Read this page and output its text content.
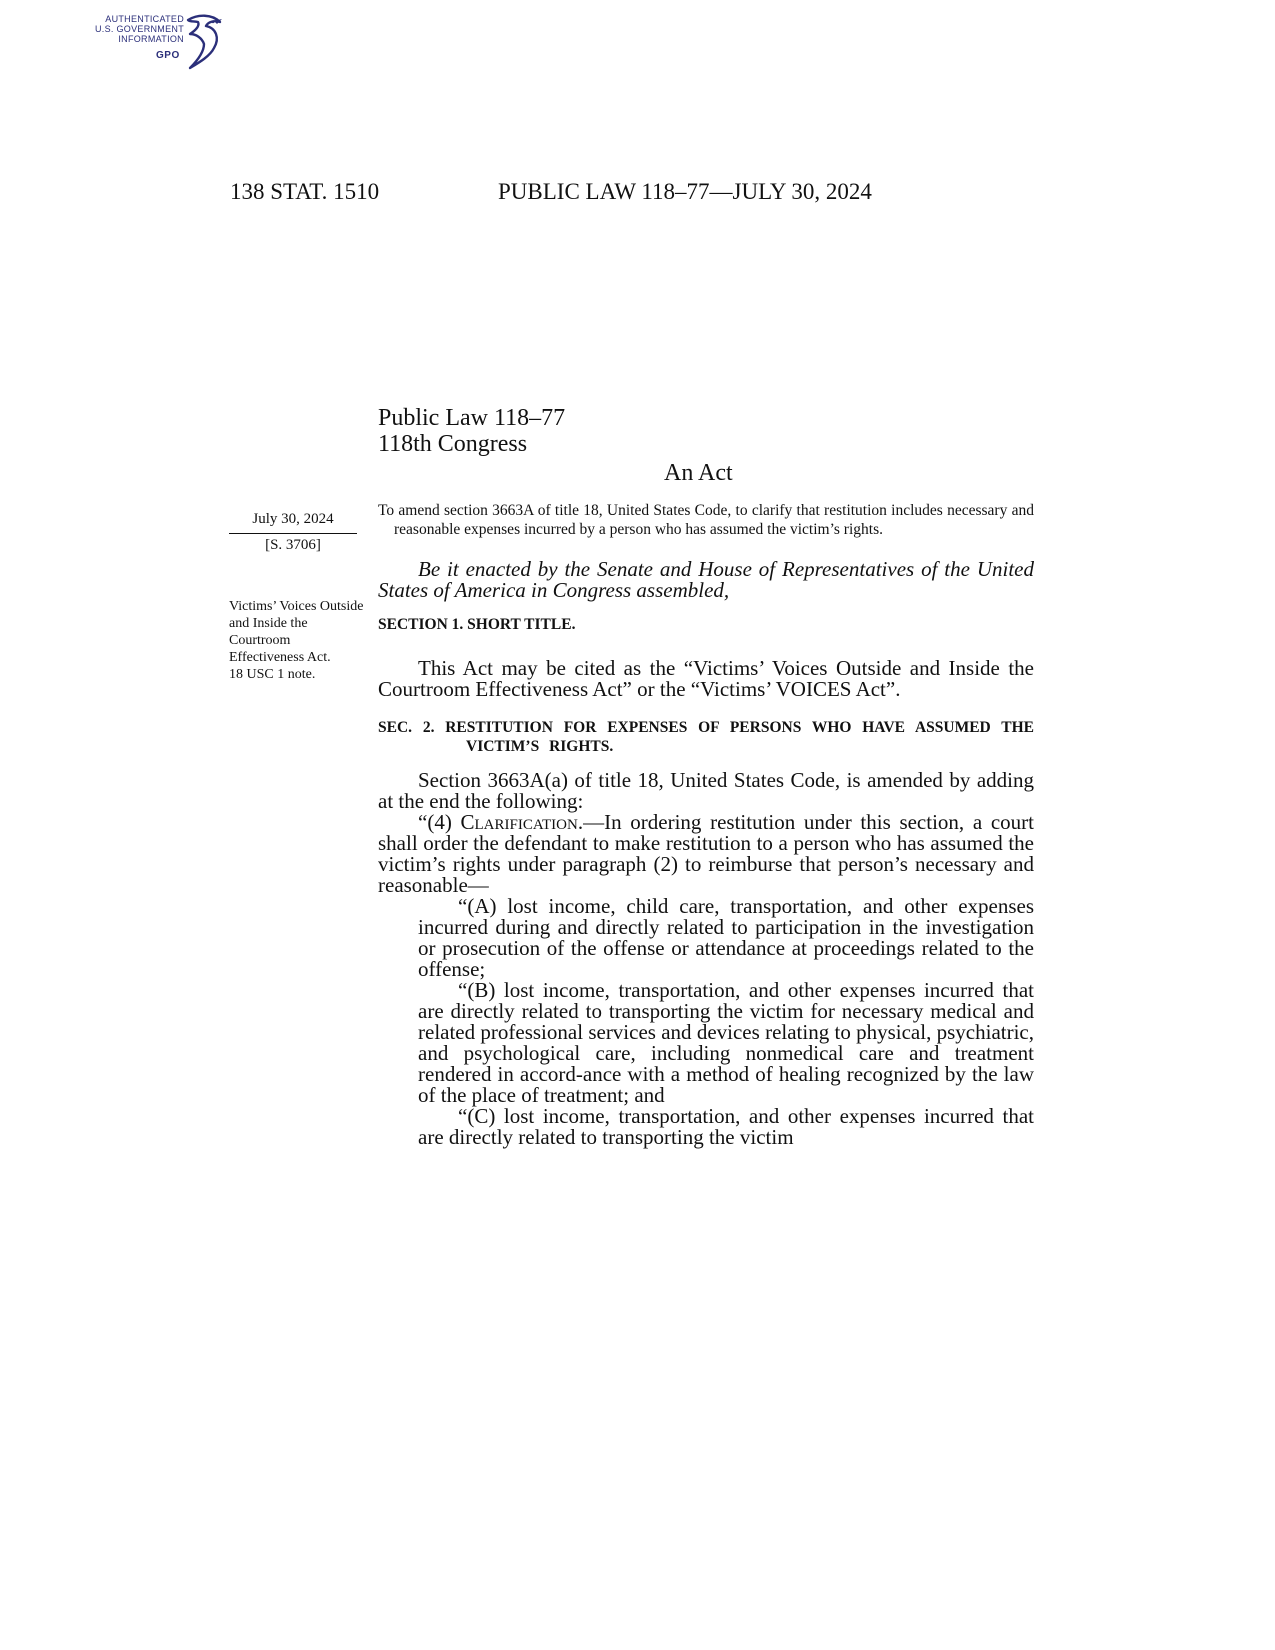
AUTHENTICATED
U.S. GOVERNMENT
INFORMATION
GPO
138 STAT. 1510	PUBLIC LAW 118–77—JULY 30, 2024
Public Law 118–77
118th Congress
An Act
July 30, 2024
[S. 3706]
Victims’ Voices Outside and Inside the Courtroom Effectiveness Act.
18 USC 1 note.

To amend section 3663A of title 18, United States Code, to clarify that restitution includes necessary and reasonable expenses incurred by a person who has assumed the victim’s rights.

Be it enacted by the Senate and House of Representatives of the United States of America in Congress assembled,

SECTION 1. SHORT TITLE.

This Act may be cited as the “Victims’ Voices Outside and Inside the Courtroom Effectiveness Act” or the “Victims’ VOICES Act”.

SEC. 2. RESTITUTION FOR EXPENSES OF PERSONS WHO HAVE ASSUMED THE VICTIM’S RIGHTS.

Section 3663A(a) of title 18, United States Code, is amended by adding at the end the following:

“(4) Clarification.—In ordering restitution under this section, a court shall order the defendant to make restitution to a person who has assumed the victim’s rights under paragraph (2) to reimburse that person’s necessary and reasonable—

“(A) lost income, child care, transportation, and other expenses incurred during and directly related to participation in the investigation or prosecution of the offense or attendance at proceedings related to the offense;

“(B) lost income, transportation, and other expenses incurred that are directly related to transporting the victim for necessary medical and related professional services and devices relating to physical, psychiatric, and psychological care, including nonmedical care and treatment rendered in accord-ance with a method of healing recognized by the law of the place of treatment; and

“(C) lost income, transportation, and other expenses incurred that are directly related to transporting the victim
